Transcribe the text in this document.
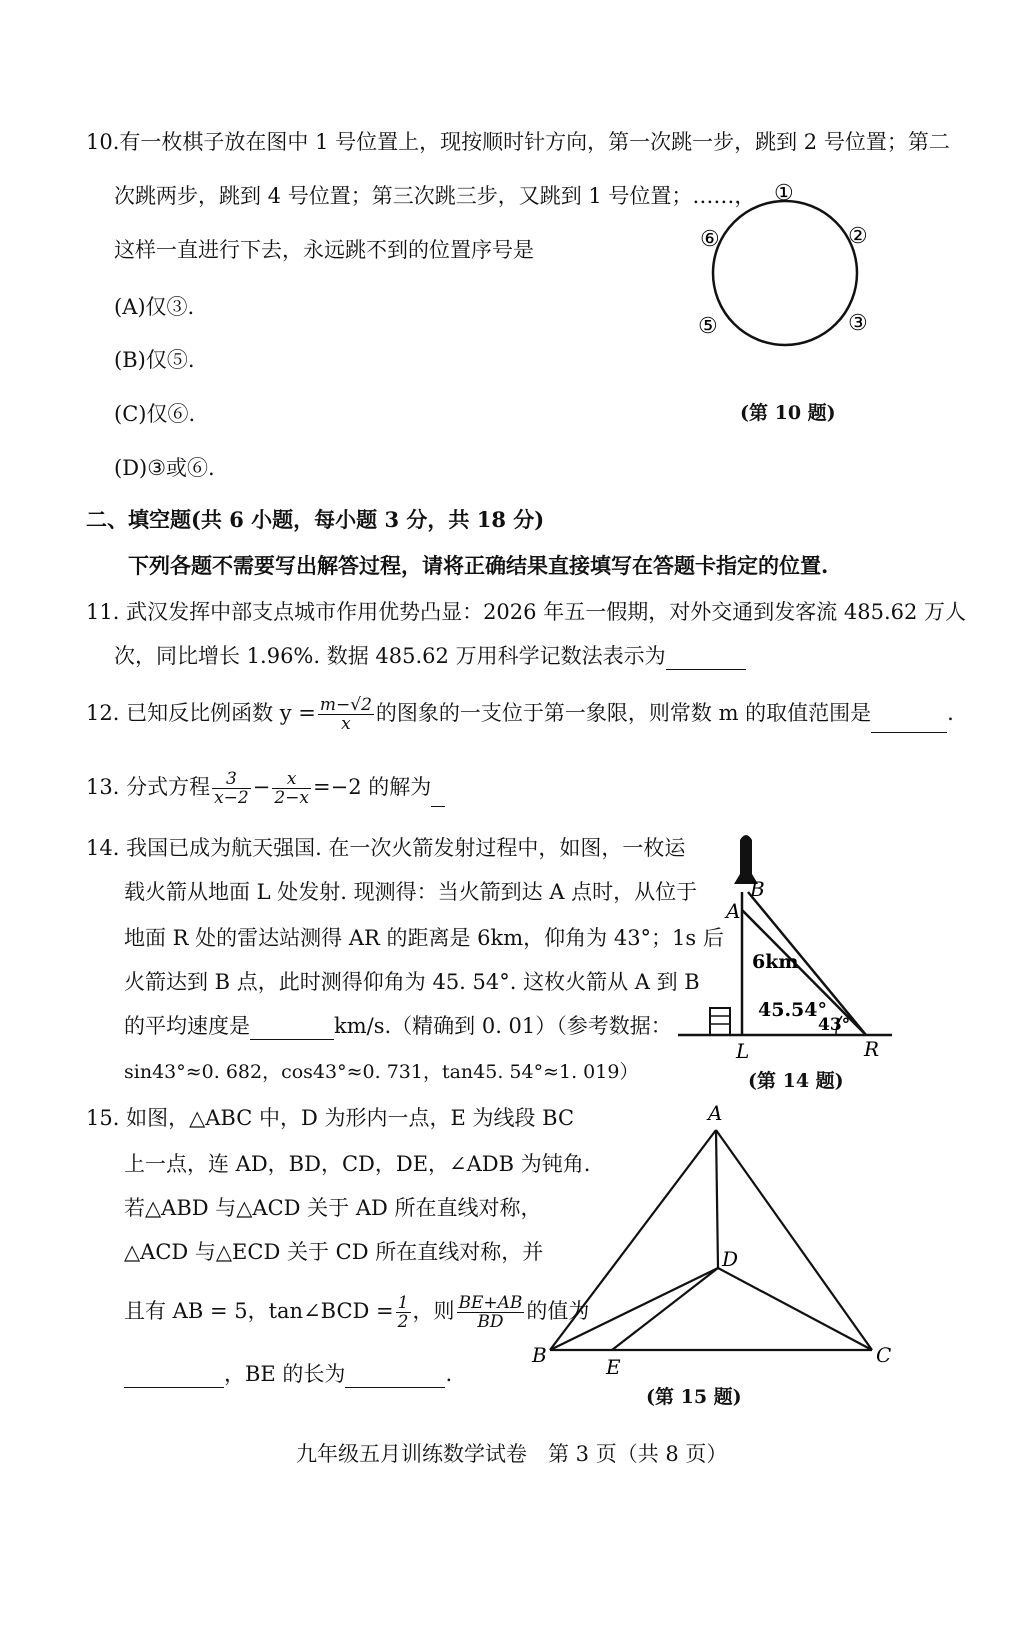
10.有一枚棋子放在图中 1 号位置上，现按顺时针方向，第一次跳一步，跳到 2 号位置；第二
次跳两步，跳到 4 号位置；第三次跳三步，又跳到 1 号位置；……，
这样一直进行下去，永远跳不到的位置序号是
(A)仅③.
(B)仅⑤.
(C)仅⑥.
(D)③或⑥.
①
②
③
⑤
⑥
(第 10 题)
二、填空题(共 6 小题，每小题 3 分，共 18 分)
下列各题不需要写出解答过程，请将正确结果直接填写在答题卡指定的位置.
11. 武汉发挥中部支点城市作用优势凸显：2026 年五一假期，对外交通到发客流 485.62 万人
次，同比增长 1.96%. 数据 485.62 万用科学记数法表示为
12. 已知反比例函数 $y = \frac{m-√2}{x}$ 的图象的一支位于第一象限，则常数 m 的取值范围是	.
13. 分式方程 $\frac{3}{x-2} - \frac{x}{2-x} =-2$ 的解为
14. 我国已成为航天强国. 在一次火箭发射过程中，如图，一枚运
载火箭从地面 L 处发射. 现测得：当火箭到达 A 点时，从位于
地面 R 处的雷达站测得 AR 的距离是 6km，仰角为 43°；1s 后
火箭达到 B 点，此时测得仰角为 45. 54°. 这枚火箭从 A 到 B
的平均速度是	km/s.（精确到 0. 01）（参考数据：
sin43°≈0. 682，cos43°≈0. 731，tan45. 54°≈1. 019）
B
A
6km
45.54°
43°
L	R
(第 14 题)
15. 如图，△ABC 中，D 为形内一点，E 为线段 BC
上一点，连 AD，BD，CD，DE，∠ADB 为钝角.
若△ABD 与△ACD 关于 AD 所在直线对称，
△ACD 与△ECD 关于 CD 所在直线对称，并
且有 AB = 5，tan∠BCD = $\frac{1}{2}$ ，则 $\frac{BE+AB}{BD}$ 的值为
，BE 的长为	.
A
B	C
D
E
(第 15 题)
九年级五月训练数学试卷　第 3 页（共 8 页）
